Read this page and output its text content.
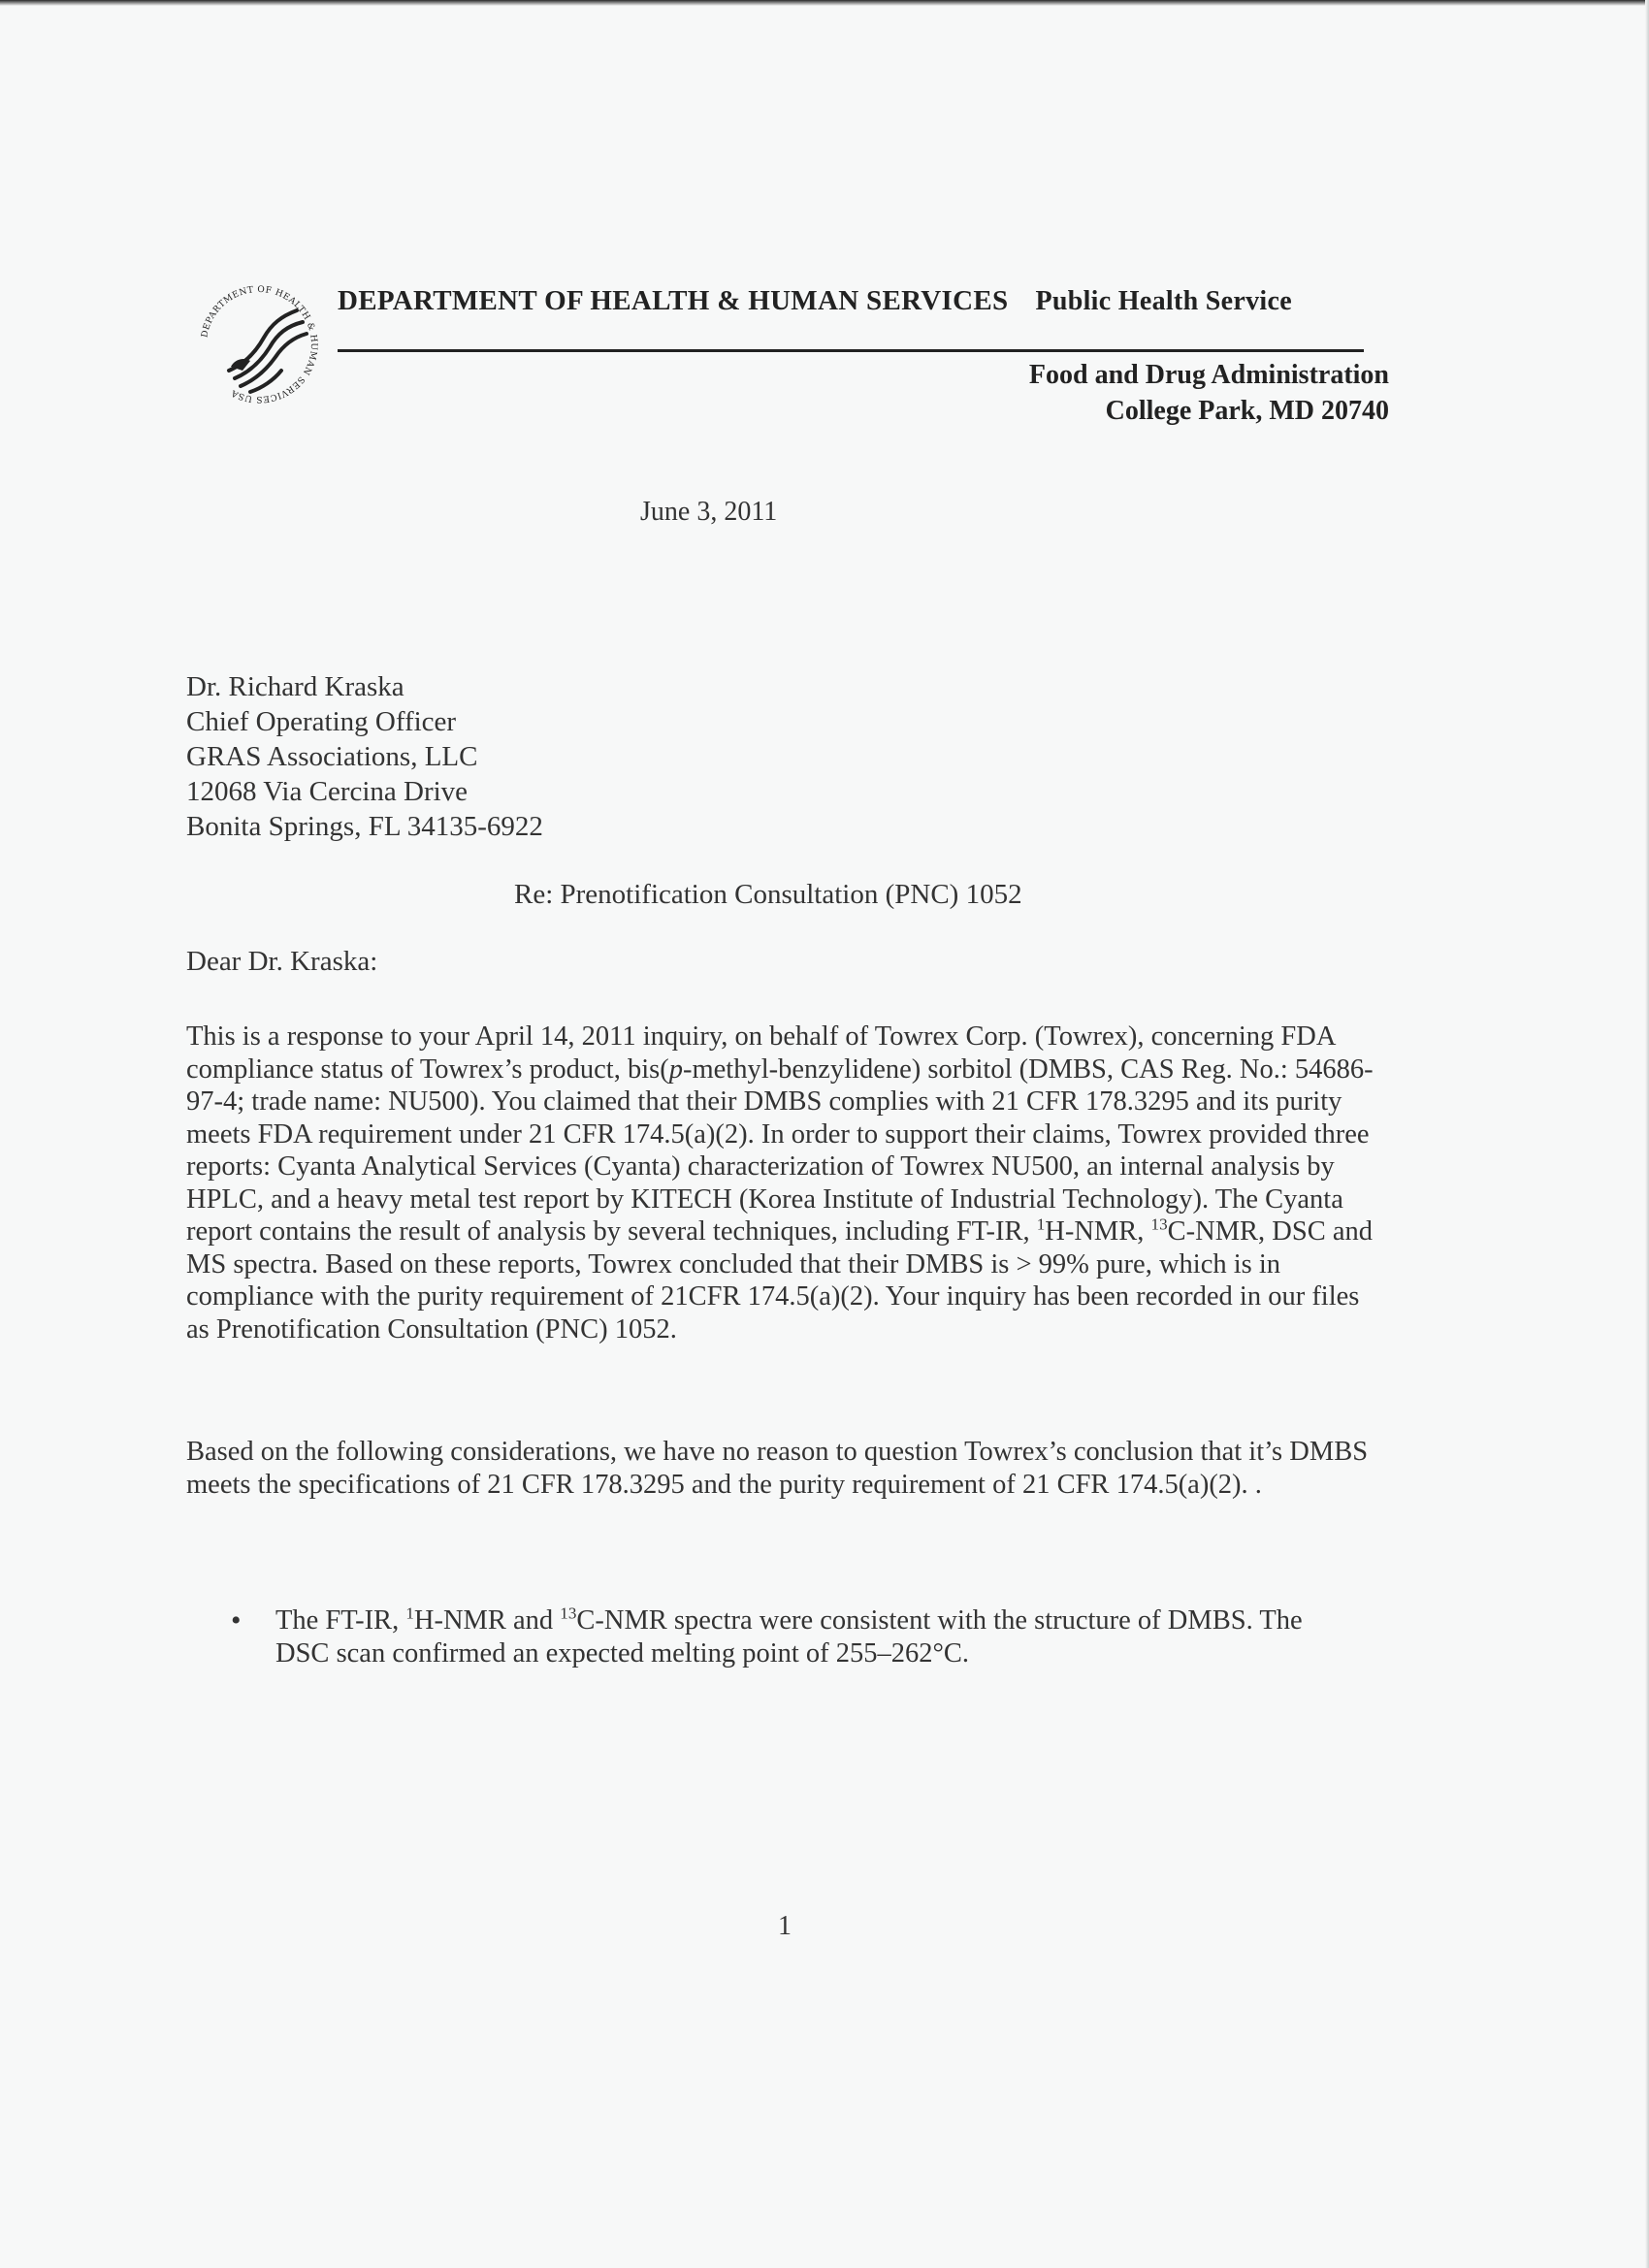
DEPARTMENT OF HEALTH & HUMAN SERVICES USA
DEPARTMENT OF HEALTH & HUMAN SERVICES Public Health Service
Food and Drug Administration
College Park, MD 20740
June 3, 2011
Dr. Richard Kraska
Chief Operating Officer
GRAS Associations, LLC
12068 Via Cercina Drive
Bonita Springs, FL 34135-6922
Re: Prenotification Consultation (PNC) 1052
Dear Dr. Kraska:
This is a response to your April 14, 2011 inquiry, on behalf of Towrex Corp. (Towrex), concerning FDA compliance status of Towrex’s product, bis(p-methyl-benzylidene) sorbitol (DMBS, CAS Reg. No.: 54686-97-4; trade name: NU500). You claimed that their DMBS complies with 21 CFR 178.3295 and its purity meets FDA requirement under 21 CFR 174.5(a)(2). In order to support their claims, Towrex provided three reports: Cyanta Analytical Services (Cyanta) characterization of Towrex NU500, an internal analysis by HPLC, and a heavy metal test report by KITECH (Korea Institute of Industrial Technology). The Cyanta report contains the result of analysis by several techniques, including FT-IR, $^1$H-NMR, $^{13}$C-NMR, DSC and MS spectra. Based on these reports, Towrex concluded that their DMBS is > 99% pure, which is in compliance with the purity requirement of 21CFR 174.5(a)(2). Your inquiry has been recorded in our files as Prenotification Consultation (PNC) 1052.
Based on the following considerations, we have no reason to question Towrex’s conclusion that it’s DMBS meets the specifications of 21 CFR 178.3295 and the purity requirement of 21 CFR 174.5(a)(2). .
• The FT-IR, $^1$H-NMR and $^{13}$C-NMR spectra were consistent with the structure of DMBS. The DSC scan confirmed an expected melting point of 255–262°C.
1
